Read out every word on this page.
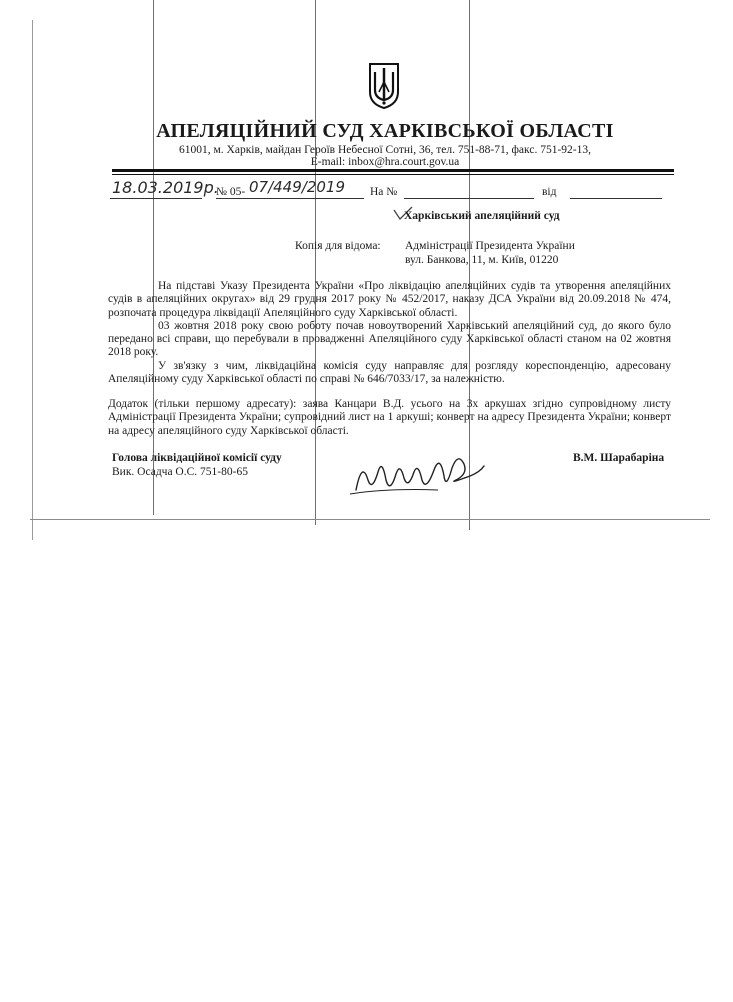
АПЕЛЯЦІЙНИЙ СУД ХАРКІВСЬКОЇ ОБЛАСТІ
61001, м. Харків, майдан Героїв Небесної Сотні, 36, тел. 751-88-71, факс. 751-92-13,
E-mail: inbox@hra.court.gov.ua
18.03.2019р.
№ 05- 07/449/2019 На №	від
Харківський апеляційний суд
Копія для відома: Адміністрації Президента України
вул. Банкова, 11, м. Київ, 01220

На підставі Указу Президента України «Про ліквідацію апеляційних судів та утворення апеляційних судів в апеляційних округах» від 29 грудня 2017 року № 452/2017, наказу ДСА України від 20.09.2018 № 474, розпочата процедура ліквідації Апеляційного суду Харківської області.

03 жовтня 2018 року свою роботу почав новоутворений Харківський апеляційний суд, до якого було передано всі справи, що перебували в провадженні Апеляційного суду Харківської області станом на 02 жовтня 2018 року.

У зв'язку з чим, ліквідаційна комісія суду направляє для розгляду кореспонденцію, адресовану Апеляційному суду Харківської області по справі № 646/7033/17, за належністю.

Додаток (тільки першому адресату): заява Канцари В.Д. усього на 3х аркушах згідно супровідному листу Адміністрації Президента України; супровідний лист на 1 аркуші; конверт на адресу Президента України; конверт на адресу апеляційного суду Харківської області.

Голова ліквідаційної комісії суду
Вик. Осадча О.С. 751-80-65
В.М. Шарабаріна
